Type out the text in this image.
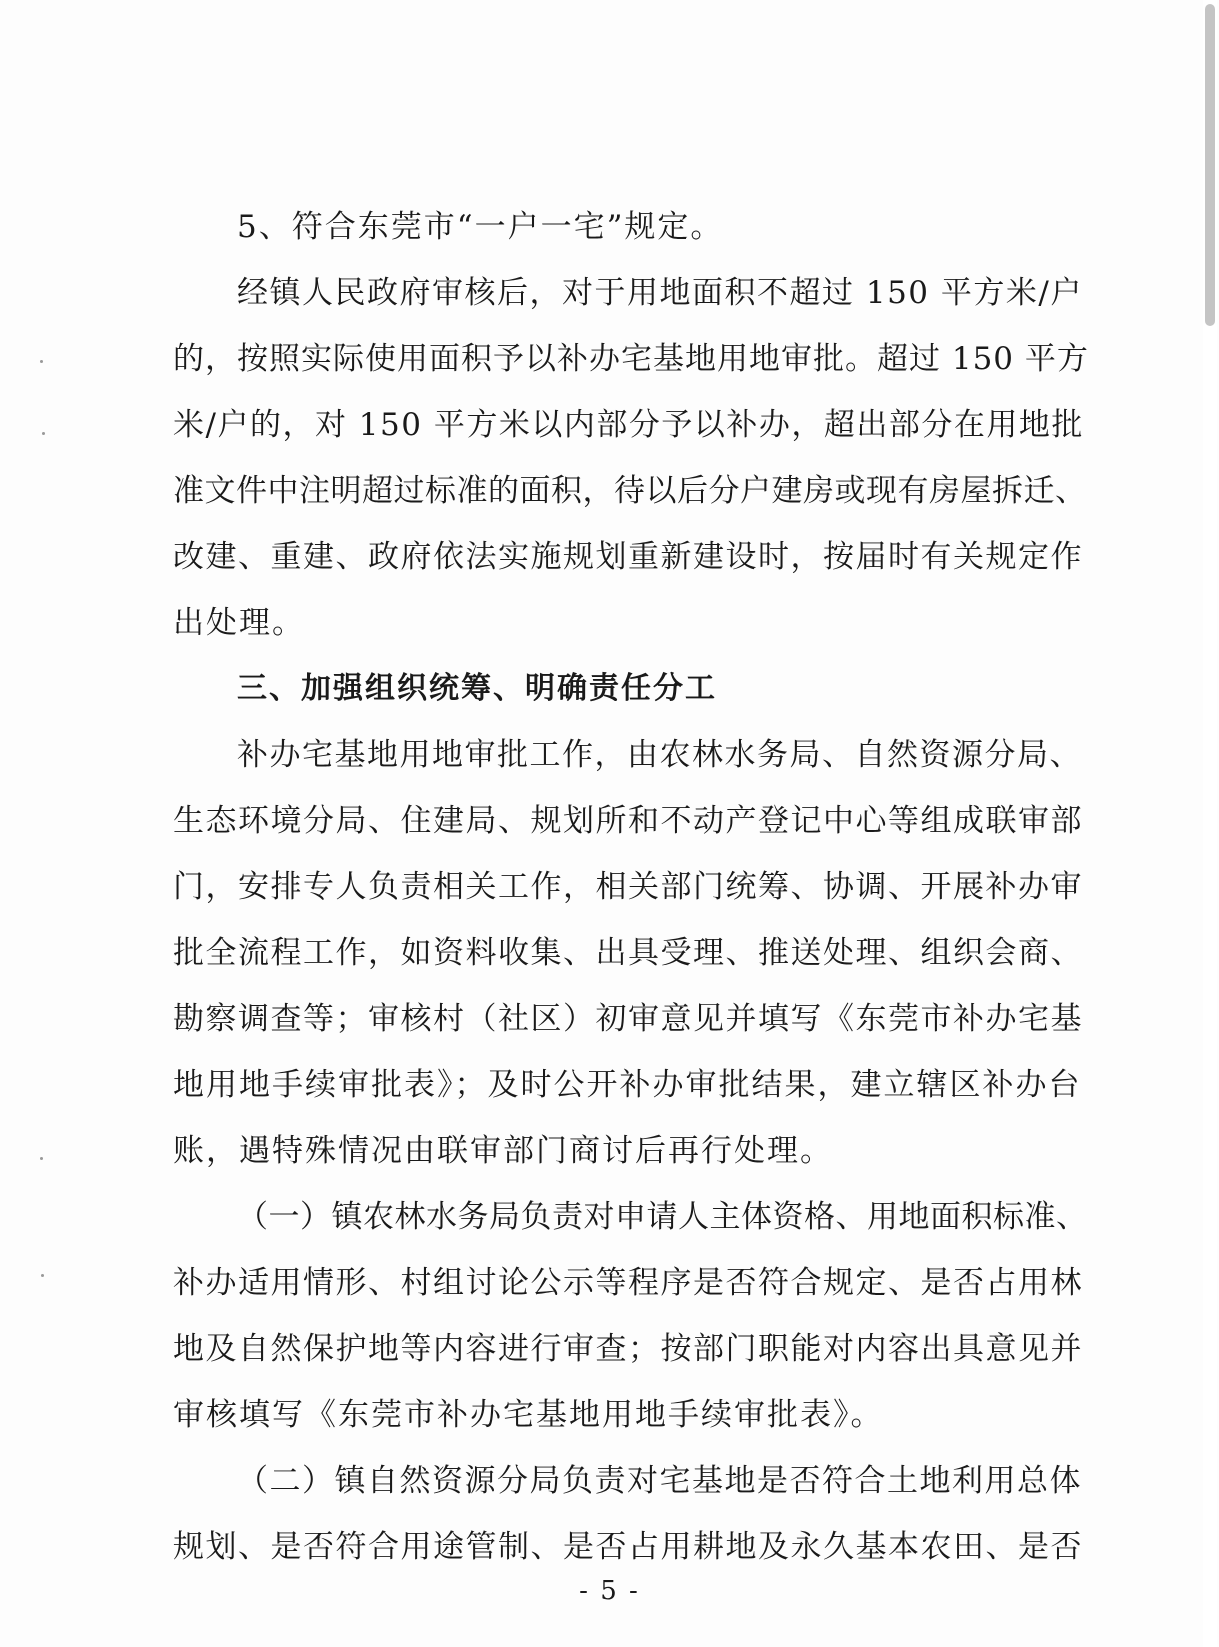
5、符合东莞市“一户一宅”规定。
经镇人民政府审核后，对于用地面积不超过 150 平方米/户
的，按照实际使用面积予以补办宅基地用地审批。超过 150 平方
米/户的，对 150 平方米以内部分予以补办，超出部分在用地批
准文件中注明超过标准的面积，待以后分户建房或现有房屋拆迁、
改建、重建、政府依法实施规划重新建设时，按届时有关规定作
出处理。
三、加强组织统筹、明确责任分工
补办宅基地用地审批工作，由农林水务局、自然资源分局、
生态环境分局、住建局、规划所和不动产登记中心等组成联审部
门，安排专人负责相关工作，相关部门统筹、协调、开展补办审
批全流程工作，如资料收集、出具受理、推送处理、组织会商、
勘察调查等；审核村（社区）初审意见并填写《东莞市补办宅基
地用地手续审批表》；及时公开补办审批结果，建立辖区补办台
账，遇特殊情况由联审部门商讨后再行处理。
（一）镇农林水务局负责对申请人主体资格、用地面积标准、
补办适用情形、村组讨论公示等程序是否符合规定、是否占用林
地及自然保护地等内容进行审查；按部门职能对内容出具意见并
审核填写《东莞市补办宅基地用地手续审批表》。
（二）镇自然资源分局负责对宅基地是否符合土地利用总体
规划、是否符合用途管制、是否占用耕地及永久基本农田、是否
- 5 -
